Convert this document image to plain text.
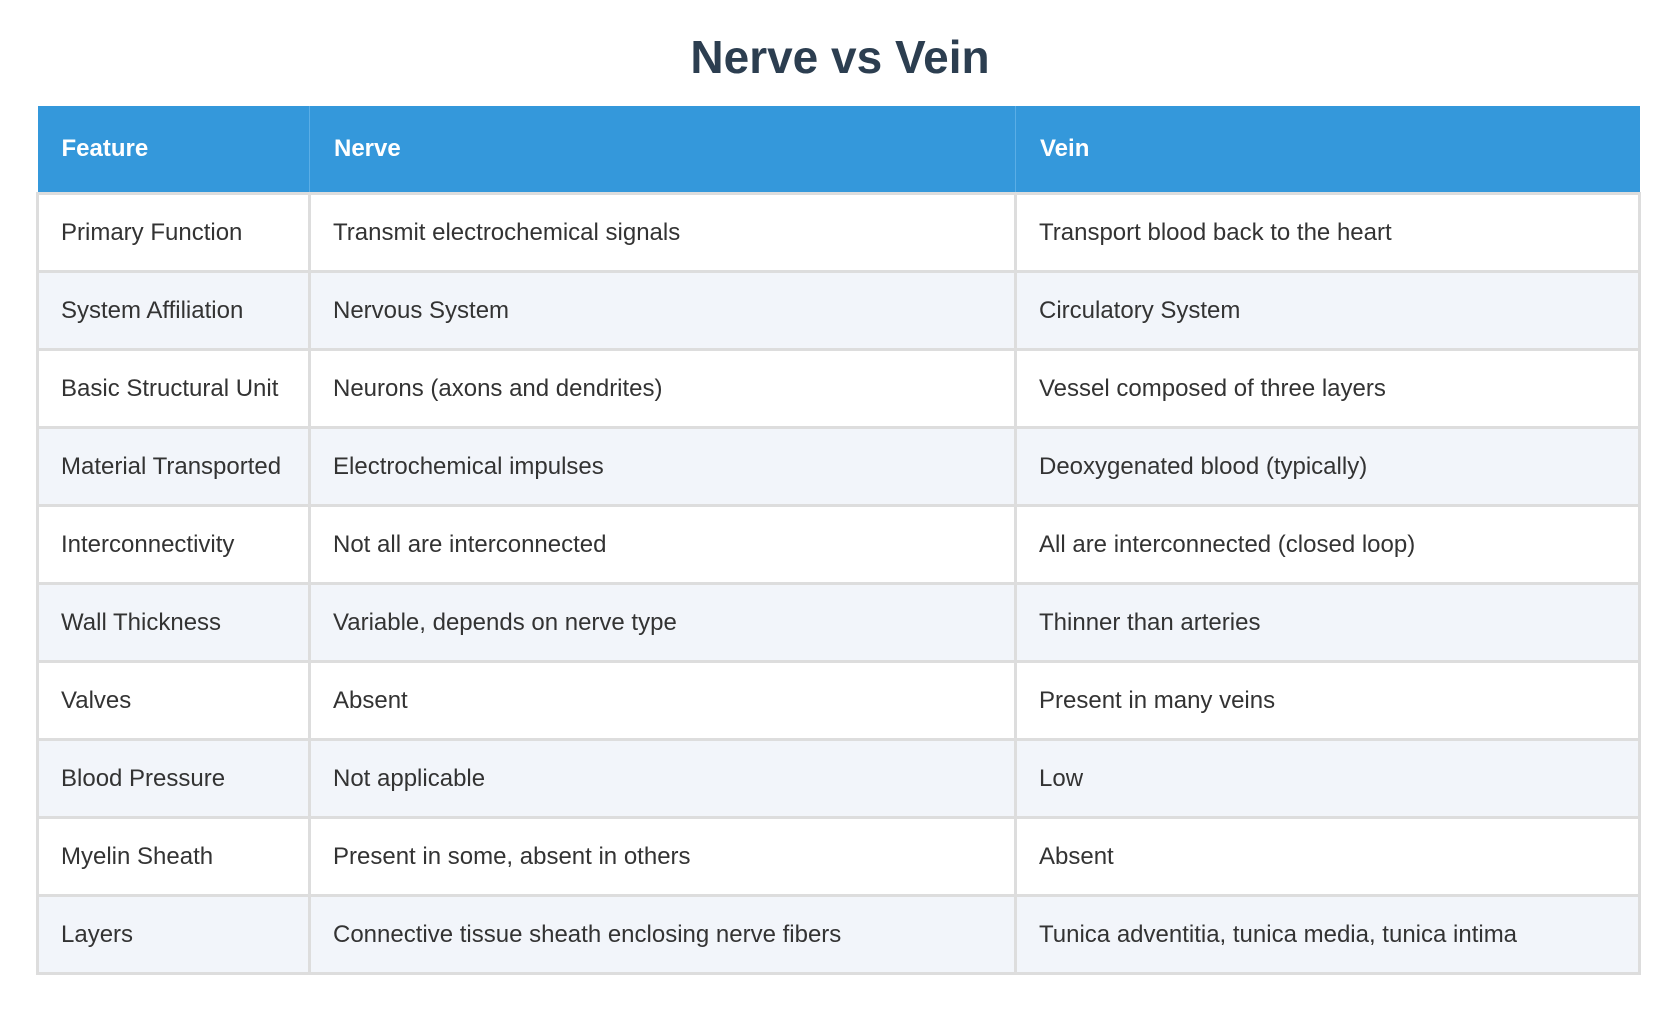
Nerve vs Vein
Feature	Nerve	Vein
Primary Function	Transmit electrochemical signals	Transport blood back to the heart
System Affiliation	Nervous System	Circulatory System
Basic Structural Unit	Neurons (axons and dendrites)	Vessel composed of three layers
Material Transported	Electrochemical impulses	Deoxygenated blood (typically)
Interconnectivity	Not all are interconnected	All are interconnected (closed loop)
Wall Thickness	Variable, depends on nerve type	Thinner than arteries
Valves	Absent	Present in many veins
Blood Pressure	Not applicable	Low
Myelin Sheath	Present in some, absent in others	Absent
Layers	Connective tissue sheath enclosing nerve fibers	Tunica adventitia, tunica media, tunica intima
